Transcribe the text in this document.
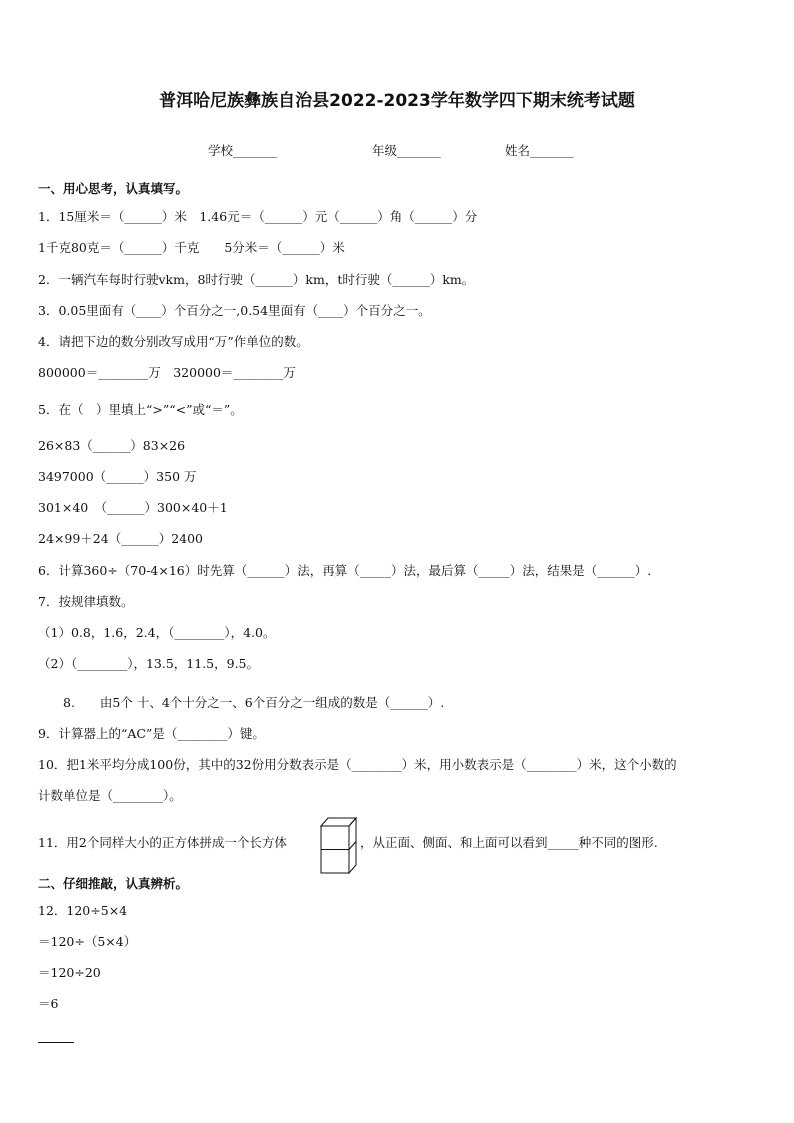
普洱哈尼族彝族自治县2022-2023学年数学四下期末统考试题
学校_______	年级_______	姓名_______
一、用心思考，认真填写。
1．15厘米＝（______）米　1.46元＝（______）元（______）角（______）分
1千克80克＝（______）千克　　5分米＝（______）米
2．一辆汽车每时行驶vkm，8时行驶（______）km，t时行驶（______）km。
3．0.05里面有（____）个百分之一,0.54里面有（____）个百分之一。
4．请把下边的数分别改写成用“万”作单位的数。
800000＝________万　320000＝________万
5．在（　）里填上“>”“<”或“＝”。
26×83（______）83×26
3497000（______）350 万
301×40　（______）300×40＋1
24×99＋24（______）2400
6．计算360÷（70-4×16）时先算（______）法，再算（_____）法，最后算（_____）法，结果是（______）.
7．按规律填数。
（1）0.8，1.6，2.4，（________），4.0。
（2）（________），13.5，11.5，9.5。
　　8.　　由5个 十、4个十分之一、6个百分之一组成的数是（______）.
9．计算器上的“AC”是（________）键。
10．把1米平均分成100份，其中的32份用分数表示是（________）米，用小数表示是（________）米，这个小数的
计数单位是（________）。
11．用2个同样大小的正方体拼成一个长方体	，从正面、侧面、和上面可以看到_____种不同的图形.
二、仔细推敲，认真辨析。
12．120÷5×4
＝120÷（5×4）
＝120÷20
＝6
